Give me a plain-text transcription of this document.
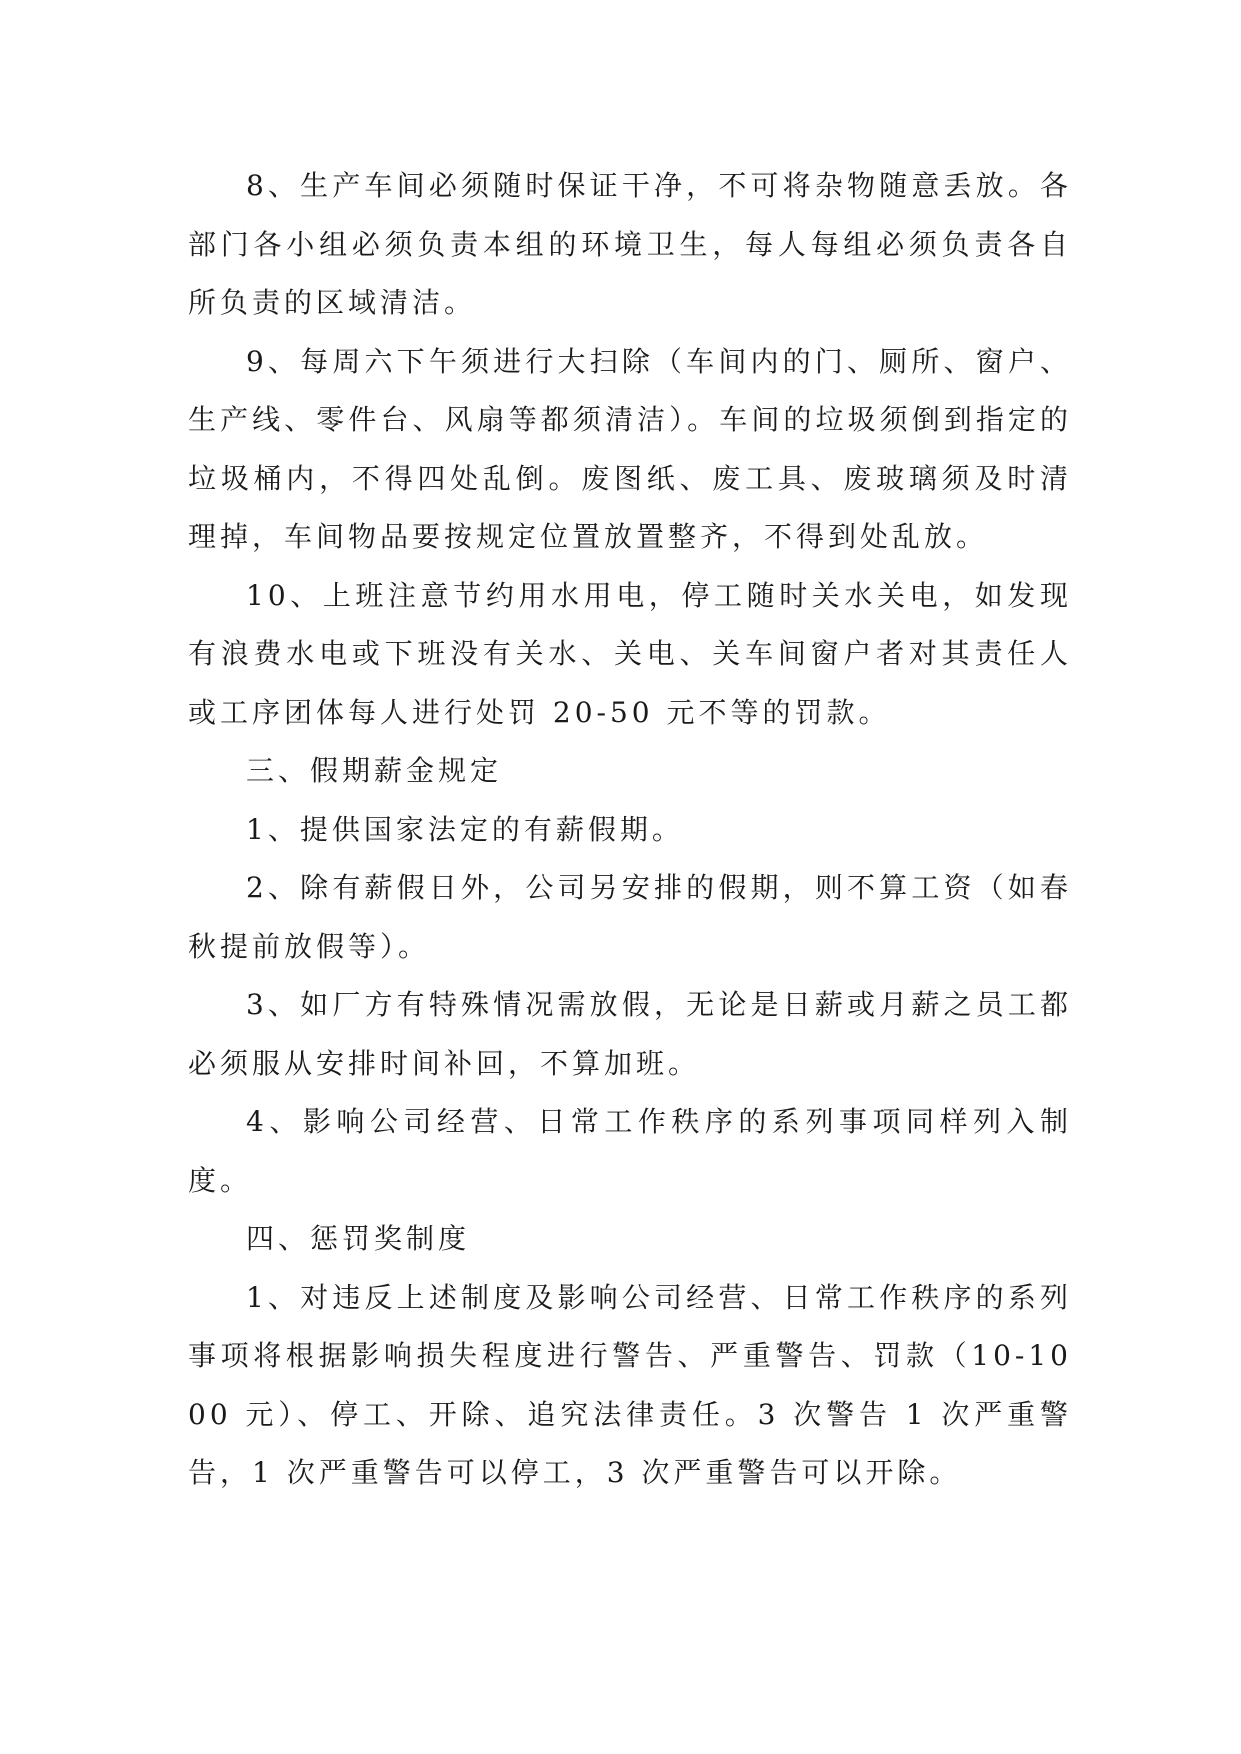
8、生产车间必须随时保证干净，不可将杂物随意丢放。各部门各小组必须负责本组的环境卫生，每人每组必须负责各自所负责的区域清洁。

9、每周六下午须进行大扫除（车间内的门、厕所、窗户、生产线、零件台、风扇等都须清洁）。车间的垃圾须倒到指定的垃圾桶内，不得四处乱倒。废图纸、废工具、废玻璃须及时清理掉，车间物品要按规定位置放置整齐，不得到处乱放。

10、上班注意节约用水用电，停工随时关水关电，如发现有浪费水电或下班没有关水、关电、关车间窗户者对其责任人或工序团体每人进行处罚 20-50 元不等的罚款。

三、假期薪金规定

1、提供国家法定的有薪假期。

2、除有薪假日外，公司另安排的假期，则不算工资（如春秋提前放假等）。

3、如厂方有特殊情况需放假，无论是日薪或月薪之员工都必须服从安排时间补回，不算加班。

4、影响公司经营、日常工作秩序的系列事项同样列入制度。

四、惩罚奖制度

1、对违反上述制度及影响公司经营、日常工作秩序的系列事项将根据影响损失程度进行警告、严重警告、罚款（10-1000 元）、停工、开除、追究法律责任。3 次警告 1 次严重警告，1 次严重警告可以停工，3 次严重警告可以开除。
